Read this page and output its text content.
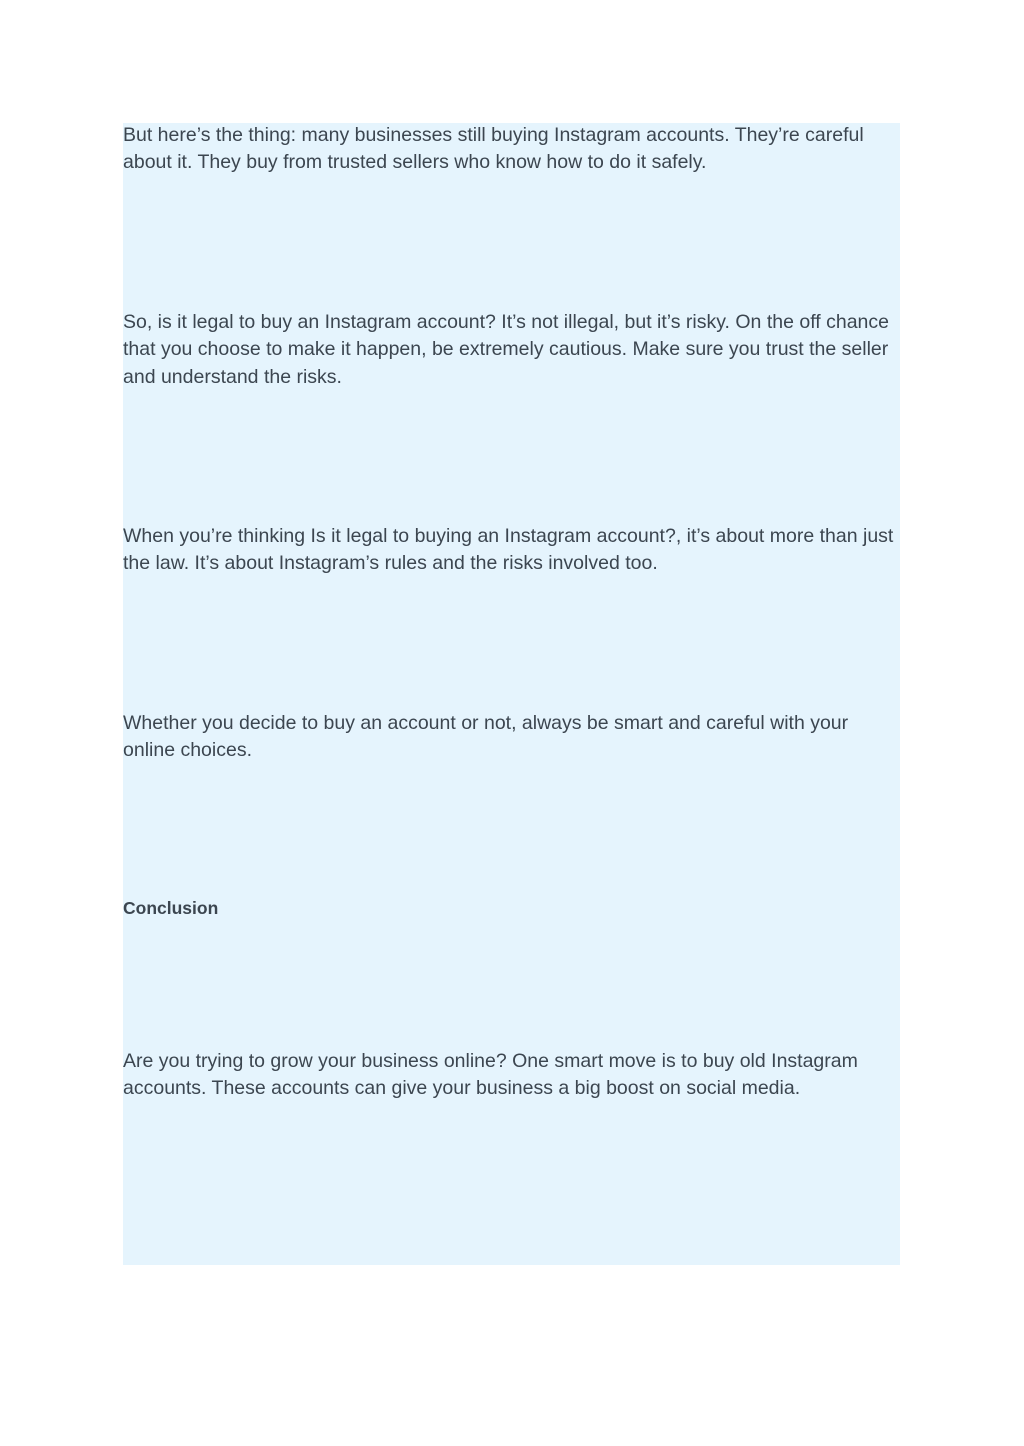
But here’s the thing: many businesses still buying Instagram accounts. They’re careful about it. They buy from trusted sellers who know how to do it safely.

So, is it legal to buy an Instagram account? It’s not illegal, but it’s risky. On the off chance that you choose to make it happen, be extremely cautious. Make sure you trust the seller and understand the risks.

When you’re thinking Is it legal to buying an Instagram account?, it’s about more than just the law. It’s about Instagram’s rules and the risks involved too.

Whether you decide to buy an account or not, always be smart and careful with your online choices.

Conclusion

Are you trying to grow your business online? One smart move is to buy old Instagram accounts. These accounts can give your business a big boost on social media.
